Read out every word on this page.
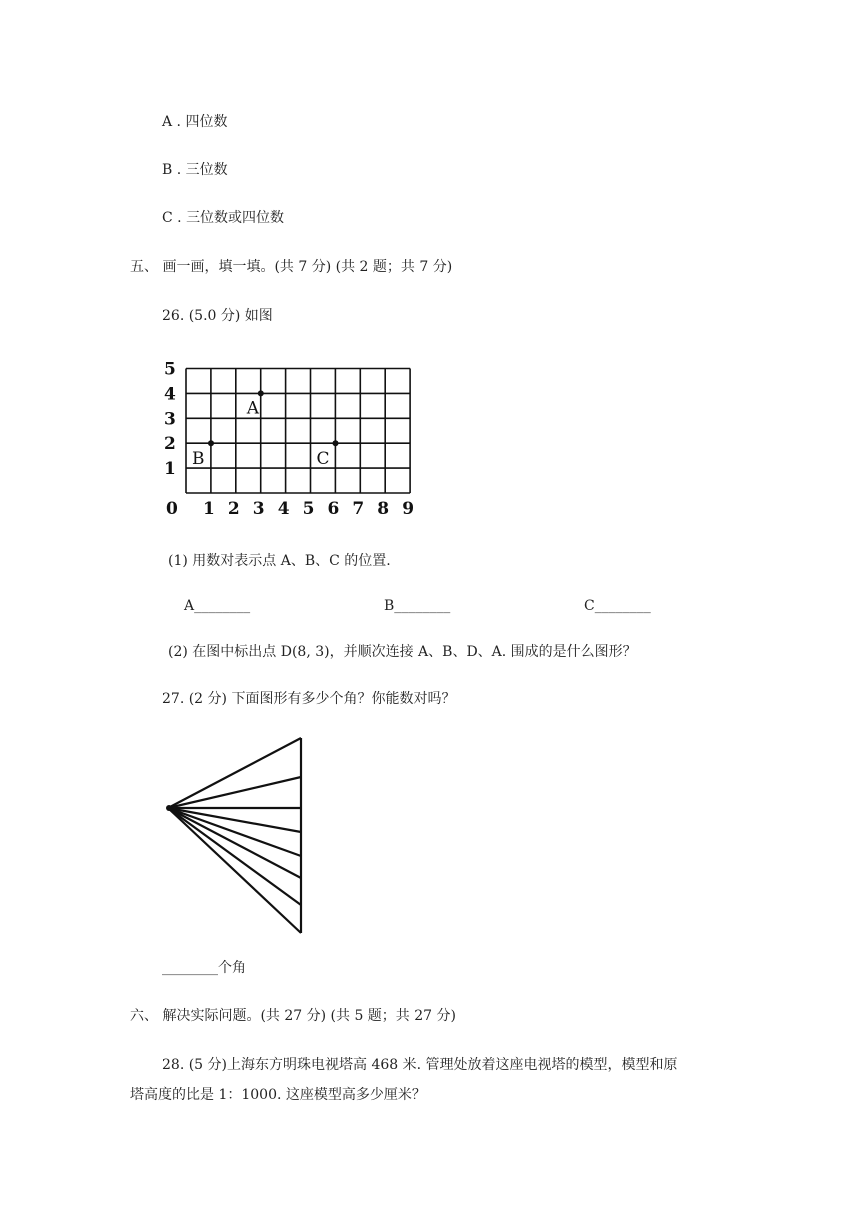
A . 四位数
B . 三位数
C . 三位数或四位数
五、 画一画，填一填。(共 7 分) (共 2 题；共 7 分)
26. (5.0 分) 如图
0 1 2 3 4 5 6 7 8 9
1
2
3
4
5
A
B	C
(1) 用数对表示点 A、B、C 的位置.
A________	B________	C________
(2) 在图中标出点 D(8, 3)，并顺次连接 A、B、D、A. 围成的是什么图形？
27. (2 分) 下面图形有多少个角？你能数对吗？
________个角
六、 解决实际问题。(共 27 分) (共 5 题；共 27 分)
28. (5 分)上海东方明珠电视塔高 468 米. 管理处放着这座电视塔的模型，模型和原
塔高度的比是 1：1000. 这座模型高多少厘米？
